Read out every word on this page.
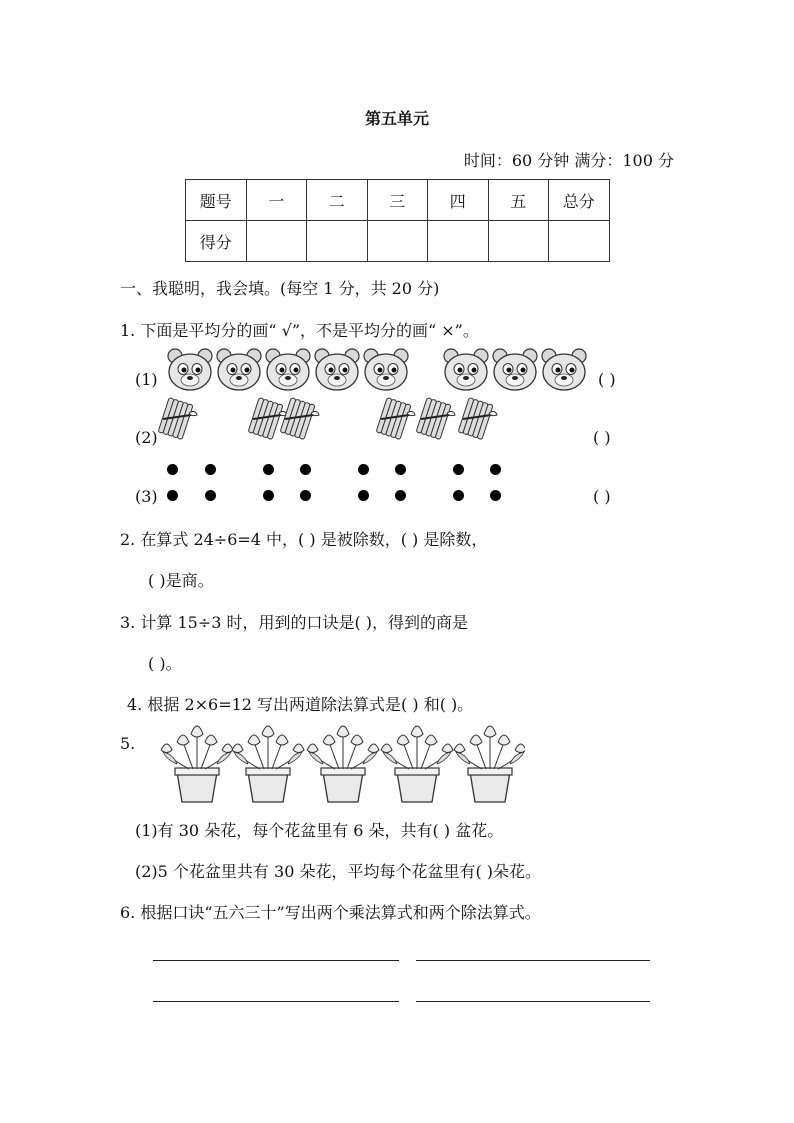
第五单元
时间：60 分钟 满分：100 分
题号	一	二	三	四	五	总分
得分						
一、我聪明，我会填。(每空 1 分，共 20 分)
1. 下面是平均分的画“ √”，不是平均分的画“ ×”。
(1)	( )
(2)	( )
(3)	( )
2. 在算式 24÷6=4 中，( ) 是被除数，( ) 是除数，
( )是商。
3. 计算 15÷3 时，用到的口诀是( )，得到的商是
( )。
4. 根据 2×6=12 写出两道除法算式是( ) 和( )。
5.
(1)有 30 朵花，每个花盆里有 6 朵，共有( ) 盆花。
(2)5 个花盆里共有 30 朵花，平均每个花盆里有( )朵花。
6. 根据口诀“五六三十”写出两个乘法算式和两个除法算式。
